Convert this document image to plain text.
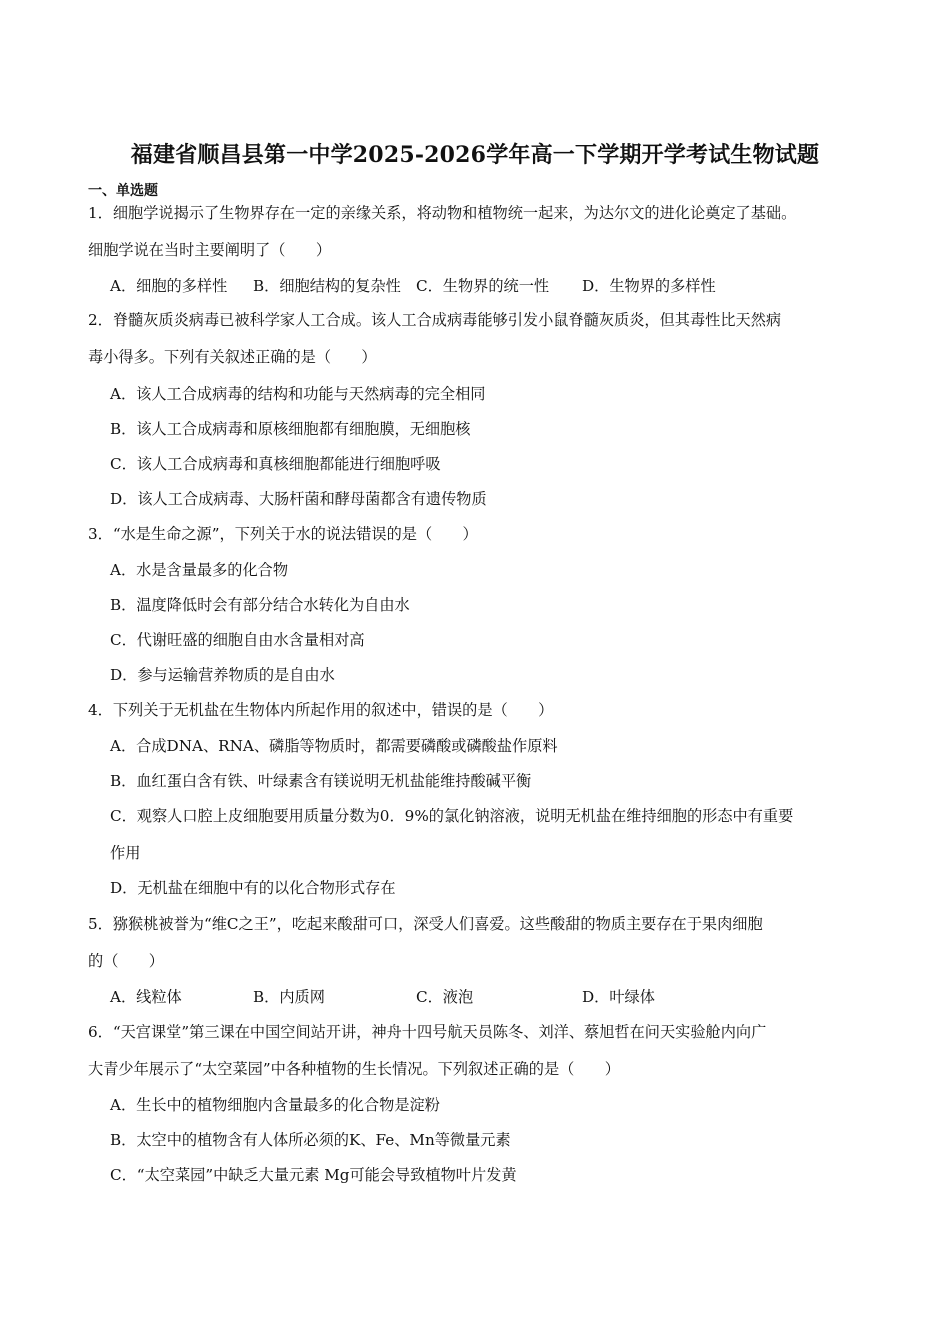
福建省顺昌县第一中学2025-2026学年高一下学期开学考试生物试题
一、单选题
1．细胞学说揭示了生物界存在一定的亲缘关系，将动物和植物统一起来，为达尔文的进化论奠定了基础。
细胞学说在当时主要阐明了（　　）
A．细胞的多样性 B．细胞结构的复杂性 C．生物界的统一性 D．生物界的多样性
2．脊髓灰质炎病毒已被科学家人工合成。该人工合成病毒能够引发小鼠脊髓灰质炎，但其毒性比天然病
毒小得多。下列有关叙述正确的是（　　）
A．该人工合成病毒的结构和功能与天然病毒的完全相同
B．该人工合成病毒和原核细胞都有细胞膜，无细胞核
C．该人工合成病毒和真核细胞都能进行细胞呼吸
D．该人工合成病毒、大肠杆菌和酵母菌都含有遗传物质
3．“水是生命之源”，下列关于水的说法错误的是（　　）
A．水是含量最多的化合物
B．温度降低时会有部分结合水转化为自由水
C．代谢旺盛的细胞自由水含量相对高
D．参与运输营养物质的是自由水
4．下列关于无机盐在生物体内所起作用的叙述中，错误的是（　　）
A．合成DNA、RNA、磷脂等物质时，都需要磷酸或磷酸盐作原料
B．血红蛋白含有铁、叶绿素含有镁说明无机盐能维持酸碱平衡
C．观察人口腔上皮细胞要用质量分数为0．9%的氯化钠溶液，说明无机盐在维持细胞的形态中有重要
作用
D．无机盐在细胞中有的以化合物形式存在
5．猕猴桃被誉为“维C之王”，吃起来酸甜可口，深受人们喜爱。这些酸甜的物质主要存在于果肉细胞
的（　　）
A．线粒体	B．内质网	C．液泡	D．叶绿体
6．“天宫课堂”第三课在中国空间站开讲，神舟十四号航天员陈冬、刘洋、蔡旭哲在问天实验舱内向广
大青少年展示了“太空菜园”中各种植物的生长情况。下列叙述正确的是（　　）
A．生长中的植物细胞内含量最多的化合物是淀粉
B．太空中的植物含有人体所必须的K、Fe、Mn等微量元素
C．“太空菜园”中缺乏大量元素 Mg可能会导致植物叶片发黄
